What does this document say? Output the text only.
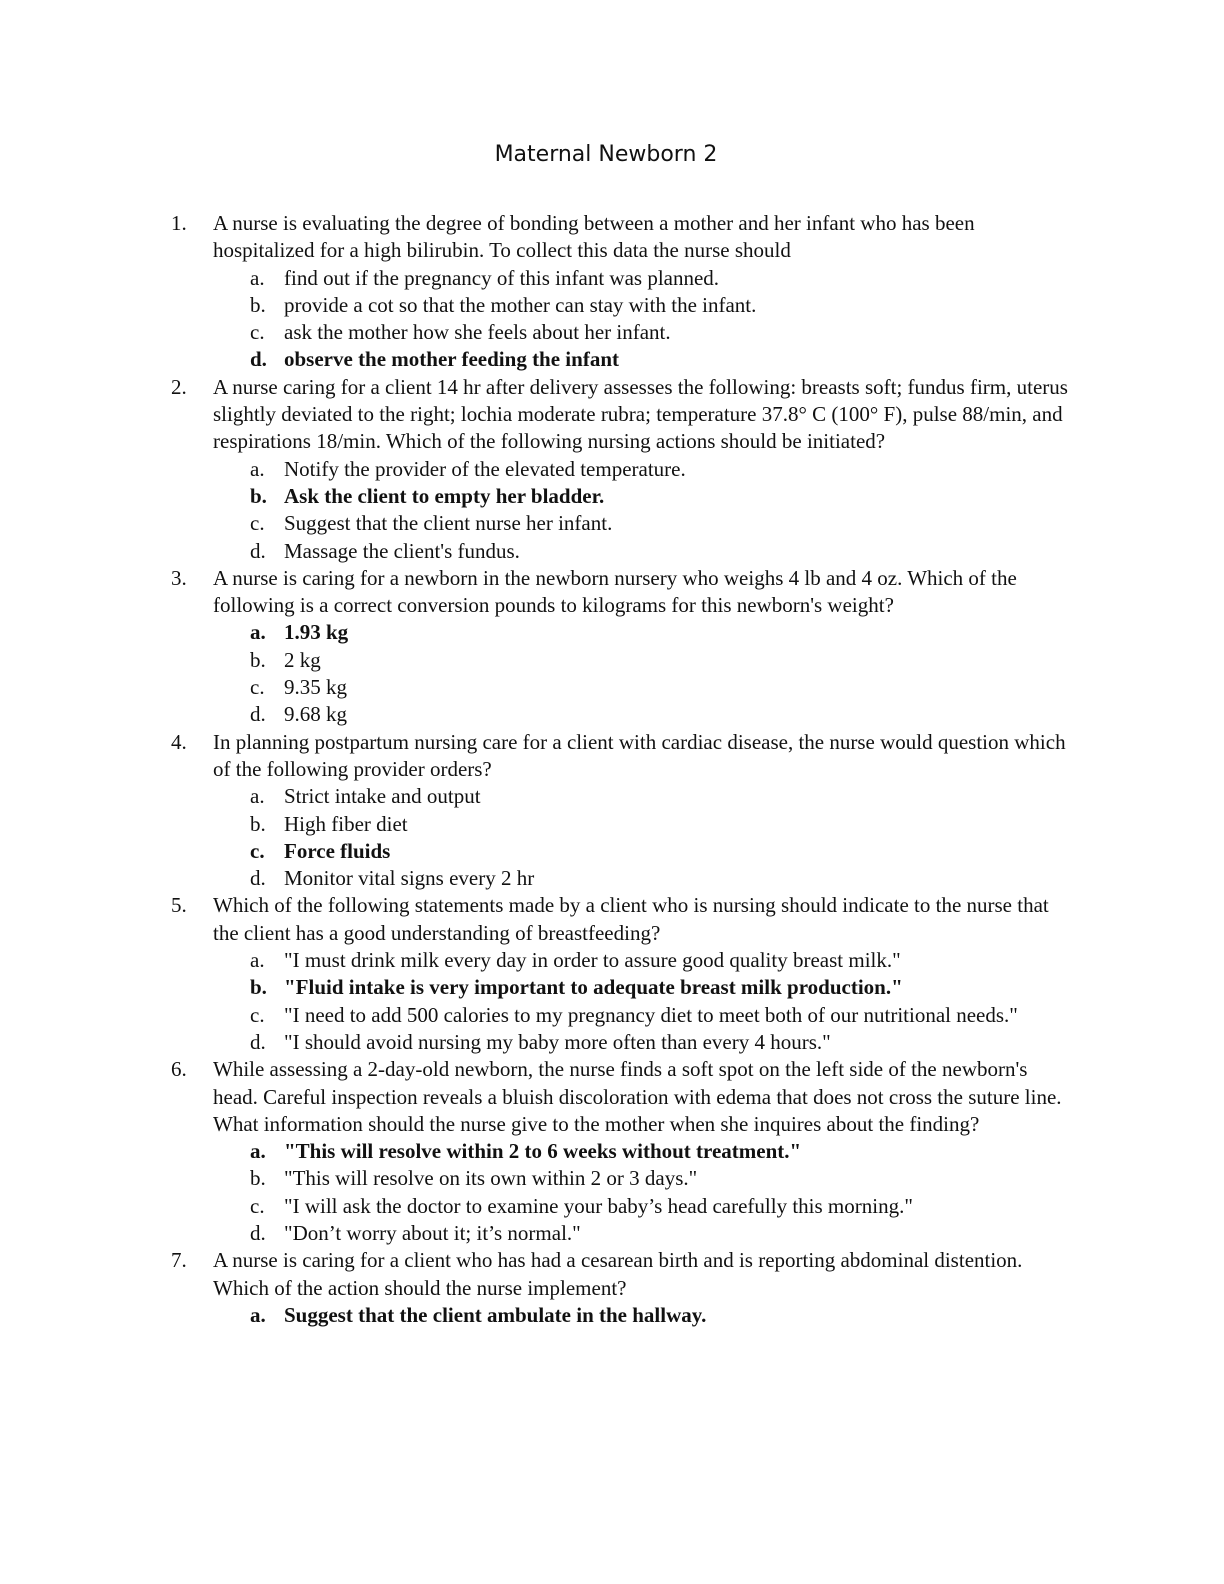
Maternal Newborn 2
1.	A nurse is evaluating the degree of bonding between a mother and her infant who has been hospitalized for a high bilirubin. To collect this data the nurse should
a. find out if the pregnancy of this infant was planned.
b. provide a cot so that the mother can stay with the infant.
c. ask the mother how she feels about her infant.
d. observe the mother feeding the infant
2.	A nurse caring for a client 14 hr after delivery assesses the following: breasts soft; fundus firm, uterus slightly deviated to the right; lochia moderate rubra; temperature 37.8° C (100° F), pulse 88/min, and respirations 18/min. Which of the following nursing actions should be initiated?
a. Notify the provider of the elevated temperature.
b. Ask the client to empty her bladder.
c. Suggest that the client nurse her infant.
d. Massage the client's fundus.
3.	A nurse is caring for a newborn in the newborn nursery who weighs 4 lb and 4 oz. Which of the following is a correct conversion pounds to kilograms for this newborn's weight?
a. 1.93 kg
b. 2 kg
c. 9.35 kg
d. 9.68 kg
4.	In planning postpartum nursing care for a client with cardiac disease, the nurse would question which of the following provider orders?
a. Strict intake and output
b. High fiber diet
c. Force fluids
d. Monitor vital signs every 2 hr
5.	Which of the following statements made by a client who is nursing should indicate to the nurse that the client has a good understanding of breastfeeding?
a. "I must drink milk every day in order to assure good quality breast milk."
b. "Fluid intake is very important to adequate breast milk production."
c. "I need to add 500 calories to my pregnancy diet to meet both of our nutritional needs."
d. "I should avoid nursing my baby more often than every 4 hours."
6.	While assessing a 2-day-old newborn, the nurse finds a soft spot on the left side of the newborn's head. Careful inspection reveals a bluish discoloration with edema that does not cross the suture line. What information should the nurse give to the mother when she inquires about the finding?
a. "This will resolve within 2 to 6 weeks without treatment."
b. "This will resolve on its own within 2 or 3 days."
c. "I will ask the doctor to examine your baby’s head carefully this morning."
d. "Don’t worry about it; it’s normal."
7.	A nurse is caring for a client who has had a cesarean birth and is reporting abdominal distention. Which of the action should the nurse implement?
a. Suggest that the client ambulate in the hallway.
